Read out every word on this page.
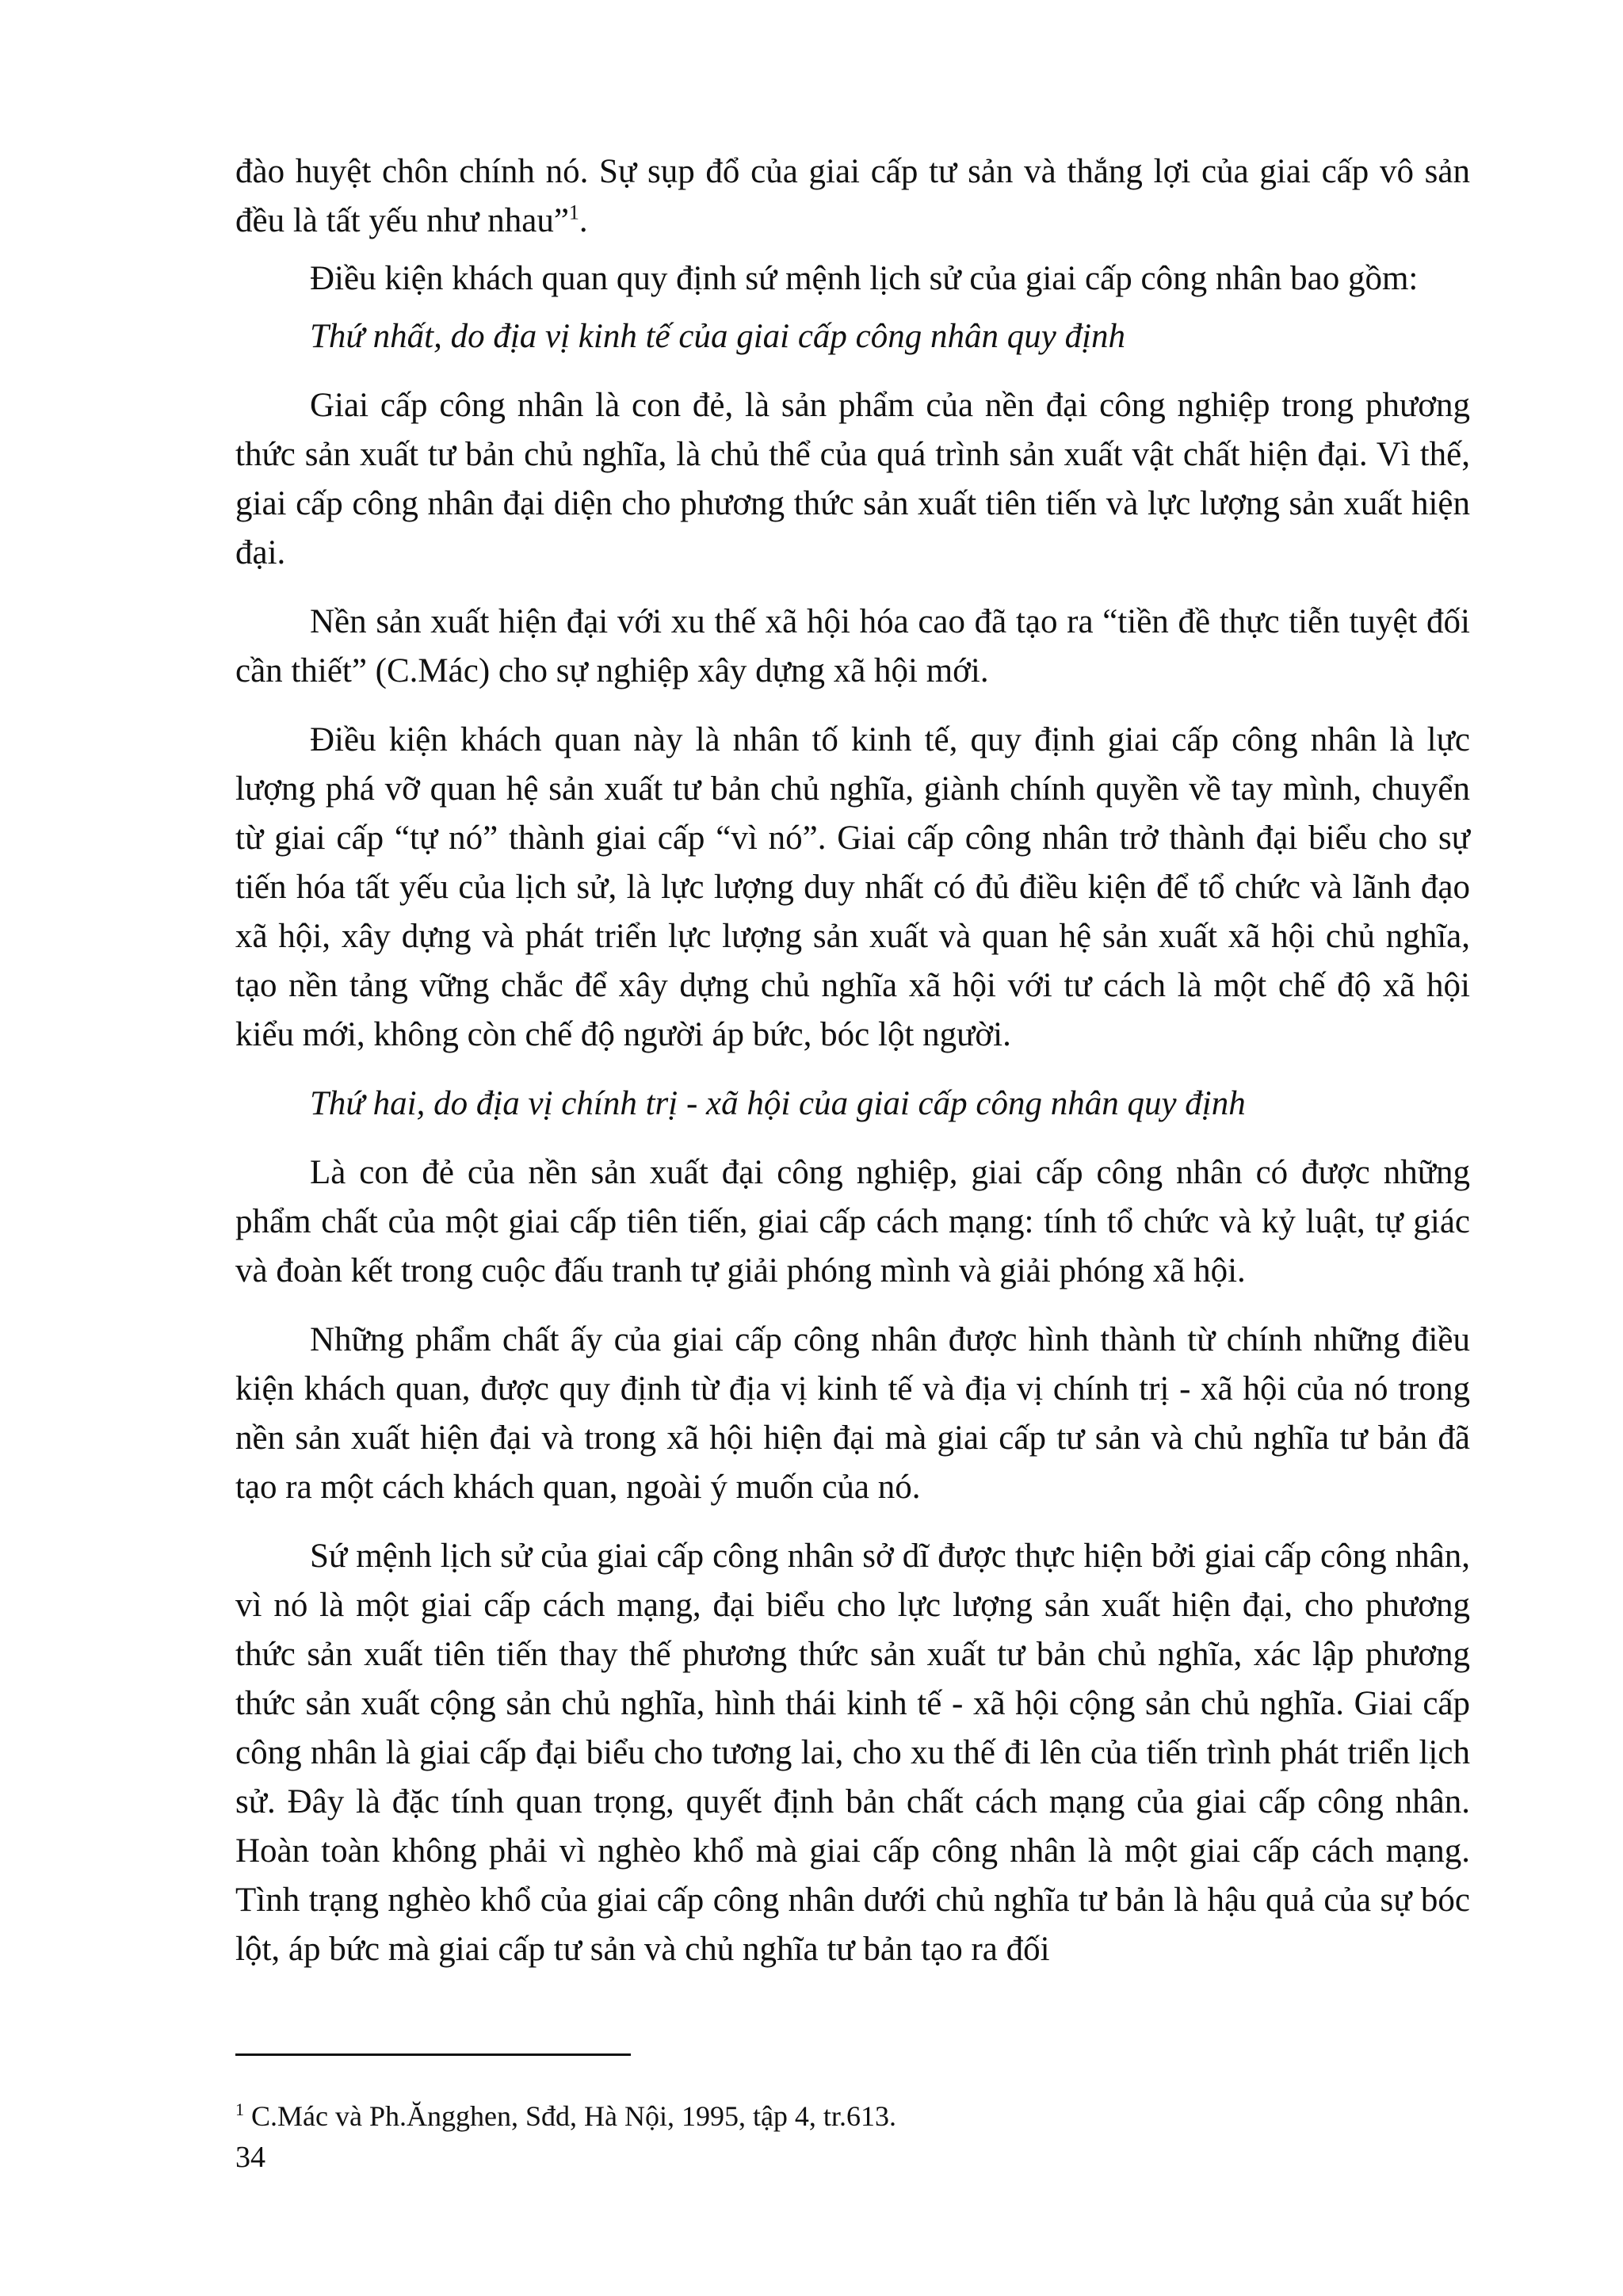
đào huyệt chôn chính nó. Sự sụp đổ của giai cấp tư sản và thắng lợi của giai cấp vô sản đều là tất yếu như nhau”$^1$.

Điều kiện khách quan quy định sứ mệnh lịch sử của giai cấp công nhân bao gồm:

Thứ nhất, do địa vị kinh tế của giai cấp công nhân quy định

Giai cấp công nhân là con đẻ, là sản phẩm của nền đại công nghiệp trong phương thức sản xuất tư bản chủ nghĩa, là chủ thể của quá trình sản xuất vật chất hiện đại. Vì thế, giai cấp công nhân đại diện cho phương thức sản xuất tiên tiến và lực lượng sản xuất hiện đại.

Nền sản xuất hiện đại với xu thế xã hội hóa cao đã tạo ra “tiền đề thực tiễn tuyệt đối cần thiết” (C.Mác) cho sự nghiệp xây dựng xã hội mới.

Điều kiện khách quan này là nhân tố kinh tế, quy định giai cấp công nhân là lực lượng phá vỡ quan hệ sản xuất tư bản chủ nghĩa, giành chính quyền về tay mình, chuyển từ giai cấp “tự nó” thành giai cấp “vì nó”. Giai cấp công nhân trở thành đại biểu cho sự tiến hóa tất yếu của lịch sử, là lực lượng duy nhất có đủ điều kiện để tổ chức và lãnh đạo xã hội, xây dựng và phát triển lực lượng sản xuất và quan hệ sản xuất xã hội chủ nghĩa, tạo nền tảng vững chắc để xây dựng chủ nghĩa xã hội với tư cách là một chế độ xã hội kiểu mới, không còn chế độ người áp bức, bóc lột người.

Thứ hai, do địa vị chính trị - xã hội của giai cấp công nhân quy định

Là con đẻ của nền sản xuất đại công nghiệp, giai cấp công nhân có được những phẩm chất của một giai cấp tiên tiến, giai cấp cách mạng: tính tổ chức và kỷ luật, tự giác và đoàn kết trong cuộc đấu tranh tự giải phóng mình và giải phóng xã hội.

Những phẩm chất ấy của giai cấp công nhân được hình thành từ chính những điều kiện khách quan, được quy định từ địa vị kinh tế và địa vị chính trị - xã hội của nó trong nền sản xuất hiện đại và trong xã hội hiện đại mà giai cấp tư sản và chủ nghĩa tư bản đã tạo ra một cách khách quan, ngoài ý muốn của nó.

Sứ mệnh lịch sử của giai cấp công nhân sở dĩ được thực hiện bởi giai cấp công nhân, vì nó là một giai cấp cách mạng, đại biểu cho lực lượng sản xuất hiện đại, cho phương thức sản xuất tiên tiến thay thế phương thức sản xuất tư bản chủ nghĩa, xác lập phương thức sản xuất cộng sản chủ nghĩa, hình thái kinh tế - xã hội cộng sản chủ nghĩa. Giai cấp công nhân là giai cấp đại biểu cho tương lai, cho xu thế đi lên của tiến trình phát triển lịch sử. Đây là đặc tính quan trọng, quyết định bản chất cách mạng của giai cấp công nhân. Hoàn toàn không phải vì nghèo khổ mà giai cấp công nhân là một giai cấp cách mạng. Tình trạng nghèo khổ của giai cấp công nhân dưới chủ nghĩa tư bản là hậu quả của sự bóc lột, áp bức mà giai cấp tư sản và chủ nghĩa tư bản tạo ra đối

$^1$ C.Mác và Ph.Ăngghen, Sđd, Hà Nội, 1995, tập 4, tr.613.
34
